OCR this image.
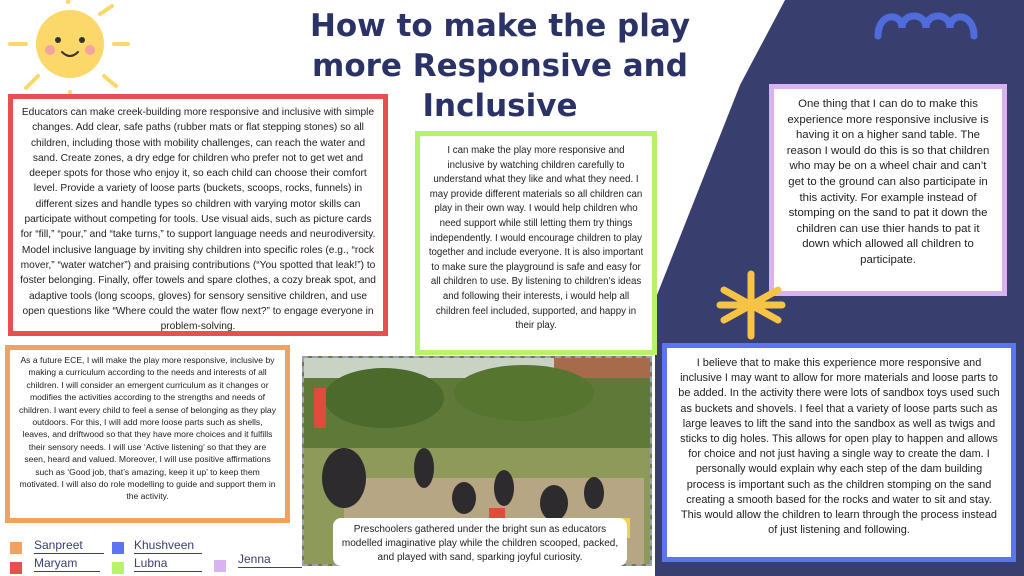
How to make the play more Responsive and Inclusive

Educators can make creek-building more responsive and inclusive with simple changes. Add clear, safe paths (rubber mats or flat stepping stones) so all children, including those with mobility challenges, can reach the water and sand. Create zones, a dry edge for children who prefer not to get wet and deeper spots for those who enjoy it, so each child can choose their comfort level. Provide a variety of loose parts (buckets, scoops, rocks, funnels) in different sizes and handle types so children with varying motor skills can participate without competing for tools. Use visual aids, such as picture cards for “fill,” “pour,” and “take turns,” to support language needs and neurodiversity. Model inclusive language by inviting shy children into specific roles (e.g., “rock mover,” “water watcher”) and praising contributions (“You spotted that leak!”) to foster belonging. Finally, offer towels and spare clothes, a cozy break spot, and adaptive tools (long scoops, gloves) for sensory sensitive children, and use open questions like “Where could the water flow next?” to engage everyone in problem-solving.

I can make the play more responsive and inclusive by watching children carefully to understand what they like and what they need. I may provide different materials so all children can play in their own way. I would help children who need support while still letting them try things independently. I would encourage children to play together and include everyone. It is also important to make sure the playground is safe and easy for all children to use. By listening to children’s ideas and following their interests, i would help all children feel included, supported, and happy in their play.

One thing that I can do to make this experience more responsive inclusive is having it on a higher sand table. The reason I would do this is so that children who may be on a wheel chair and can’t get to the ground can also participate in this activity. For example instead of stomping on the sand to pat it down the children can use thier hands to pat it down which allowed all children to participate.

As a future ECE, I will make the play more responsive, inclusive by making a curriculum according to the needs and interests of all children. I will consider an emergent curriculum as it changes or modifies the activities according to the strengths and needs of children. I want every child to feel a sense of belonging as they play outdoors. For this, I will add more loose parts such as shells, leaves, and driftwood so that they have more choices and it fulfills their sensory needs. I will use ‘Active listening’ so that they are seen, heard and valued. Moreover, I will use positive affirmations such as ‘Good job, that’s amazing, keep it up’ to keep them motivated. I will also do role modelling to guide and support them in the activity.

Preschoolers gathered under the bright sun as educators modelled imaginative play while the children scooped, packed, and played with sand, sparking joyful curiosity.

I believe that to make this experience more responsive and inclusive I may want to allow for more materials and loose parts to be added. In the activity there were lots of sandbox toys used such as buckets and shovels. I feel that a variety of loose parts such as large leaves to lift the sand into the sandbox as well as twigs and sticks to dig holes. This allows for open play to happen and allows for choice and not just having a single way to create the dam. I personally would explain why each step of the dam building process is important such as the children stomping on the sand creating a smooth based for the rocks and water to sit and stay. This would allow the children to learn through the process instead of just listening and following.

Sanpreet	Khushveen
Maryam	Lubna	Jenna
